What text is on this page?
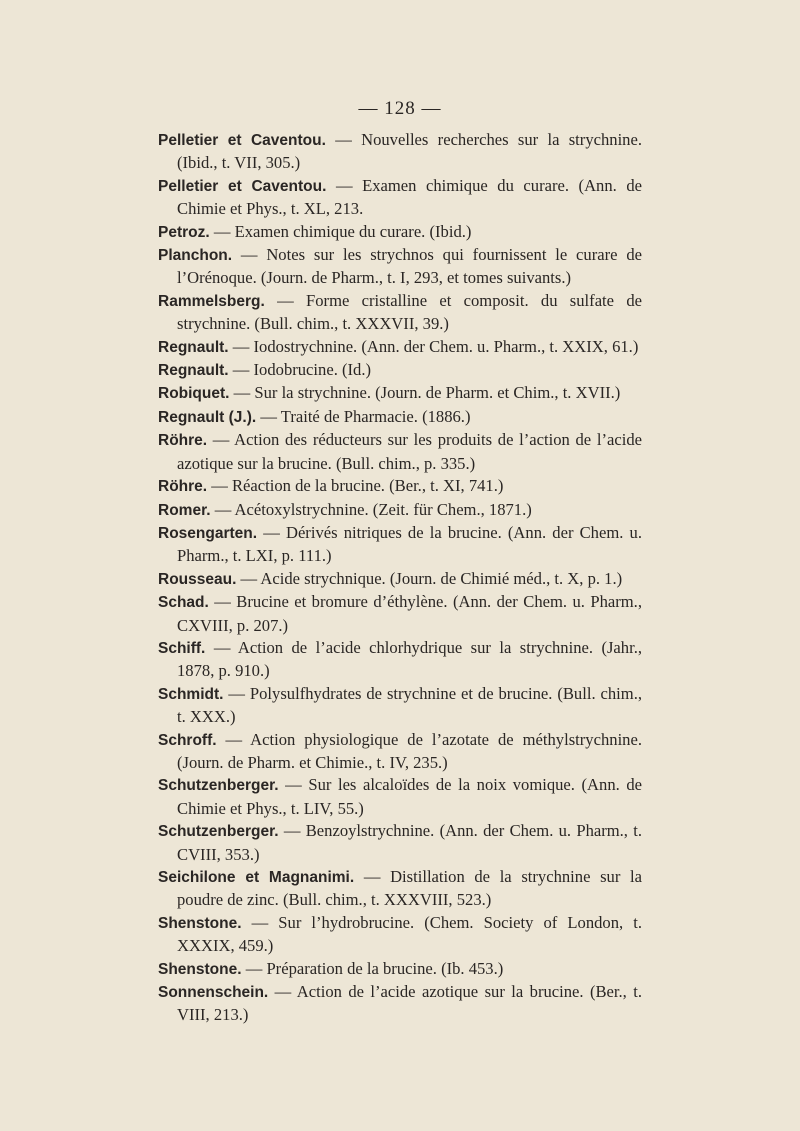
— 128 —
Pelletier et Caventou. — Nouvelles recherches sur la strychnine. (Ibid., t. VII, 305.)
Pelletier et Caventou. — Examen chimique du curare. (Ann. de Chimie et Phys., t. XL, 213.
Petroz. — Examen chimique du curare. (Ibid.)
Planchon. — Notes sur les strychnos qui fournissent le curare de l’Orénoque. (Journ. de Pharm., t. I, 293, et tomes suivants.)
Rammelsberg. — Forme cristalline et composit. du sulfate de strychnine. (Bull. chim., t. XXXVII, 39.)
Regnault. — Iodostrychnine. (Ann. der Chem. u. Pharm., t. XXIX, 61.)
Regnault. — Iodobrucine. (Id.)
Robiquet. — Sur la strychnine. (Journ. de Pharm. et Chim., t. XVII.)
Regnault (J.). — Traité de Pharmacie. (1886.)
Röhre. — Action des réducteurs sur les produits de l’action de l’acide azotique sur la brucine. (Bull. chim., p. 335.)
Röhre. — Réaction de la brucine. (Ber., t. XI, 741.)
Romer. — Acétoxylstrychnine. (Zeit. für Chem., 1871.)
Rosengarten. — Dérivés nitriques de la brucine. (Ann. der Chem. u. Pharm., t. LXI, p. 111.)
Rousseau. — Acide strychnique. (Journ. de Chimié méd., t. X, p. 1.)
Schad. — Brucine et bromure d’éthylène. (Ann. der Chem. u. Pharm., CXVIII, p. 207.)
Schiff. — Action de l’acide chlorhydrique sur la strychnine. (Jahr., 1878, p. 910.)
Schmidt. — Polysulfhydrates de strychnine et de brucine. (Bull. chim., t. XXX.)
Schroff. — Action physiologique de l’azotate de méthylstrychnine. (Journ. de Pharm. et Chimie., t. IV, 235.)
Schutzenberger. — Sur les alcaloïdes de la noix vomique. (Ann. de Chimie et Phys., t. LIV, 55.)
Schutzenberger. — Benzoylstrychnine. (Ann. der Chem. u. Pharm., t. CVIII, 353.)
Seichilone et Magnanimi. — Distillation de la strychnine sur la poudre de zinc. (Bull. chim., t. XXXVIII, 523.)
Shenstone. — Sur l’hydrobrucine. (Chem. Society of London, t. XXXIX, 459.)
Shenstone. — Préparation de la brucine. (Ib. 453.)
Sonnenschein. — Action de l’acide azotique sur la brucine. (Ber., t. VIII, 213.)
